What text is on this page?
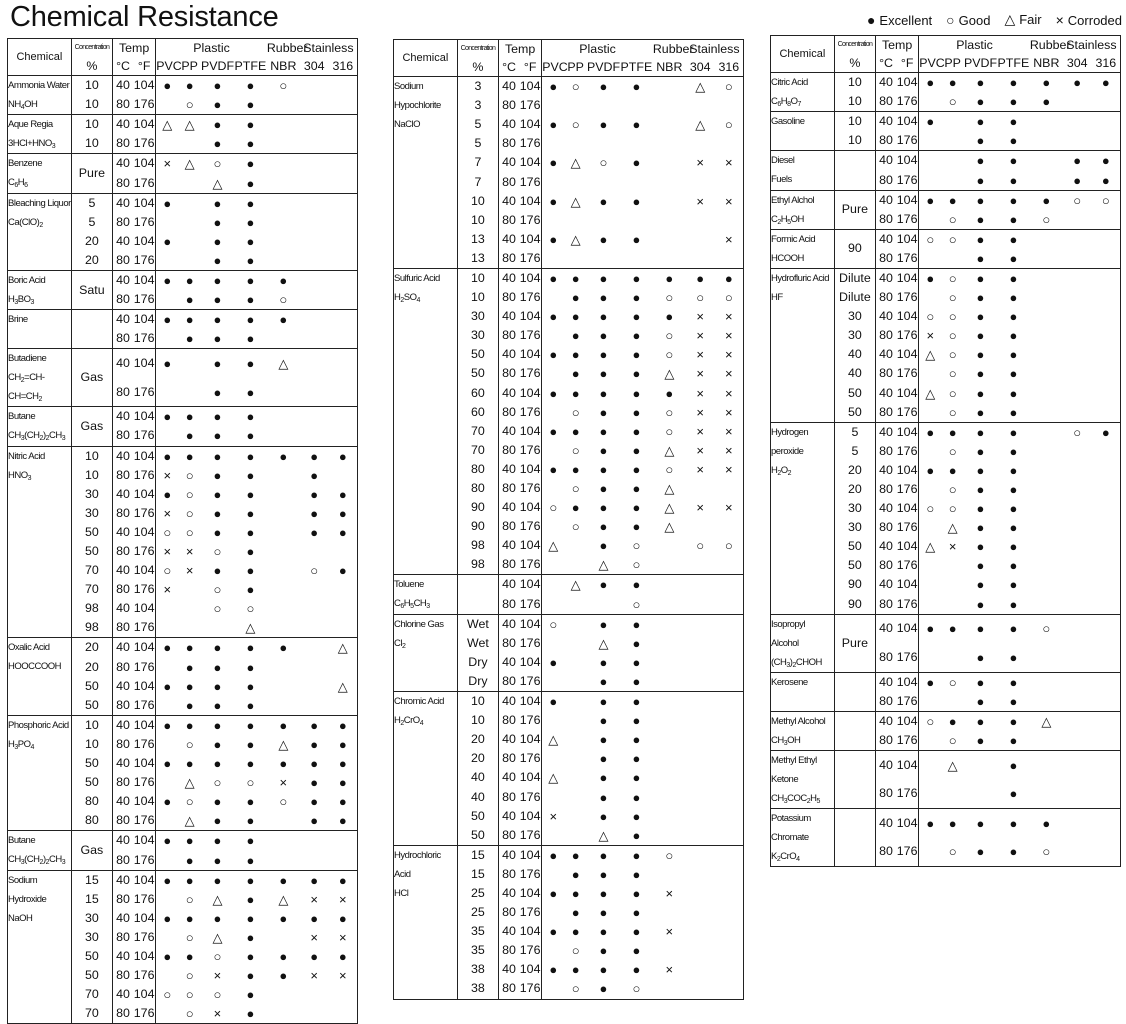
Chemical Resistance	● Excellent ○ Good △ Fair × Corroded
Chemical	Concentration	Temp		Plastic				Rubber	Stainless	
	%	°C	°F	PVC	PP	PVDF	PTFE	NBR	304	316
Ammonia Water
$NH_4OH$	10	40	104	●	●	●	●	○		
	10	80	176		○	●	●			
Aque Regia
$3HCl+HNO_3$	10	40	104	△	△	●	●			
	10	80	176			●	●			
Benzene
$C_6H_6$	Pure	40	104	×	△	○	●			
		80	176			△	●			
Bleaching Liquor
$Ca(ClO)_2$	5	40	104	●		●	●			
	5	80	176			●	●			
	20	40	104	●		●	●			
	20	80	176			●	●			
Boric Acid
$H_3BO_3$	Satu	40	104	●	●	●	●	●		
		80	176		●	●	●	○		
Brine		40	104	●	●	●	●	●		
		80	176		●	●	●			
Butadiene
$CH_2=CH-CH=CH_2$	Gas	40	104	●		●	●	△		
		80	176			●	●			
Butane
$CH_3(CH_2)_2CH_3$	Gas	40	104	●	●	●	●			
		80	176		●	●	●			
Nitric Acid
$HNO_3$	10	40	104	●	●	●	●	●	●	●
	10	80	176	×	○	●	●		●	
	30	40	104	●	○	●	●		●	●
	30	80	176	×	○	●	●		●	●
	50	40	104	○	○	●	●		●	●
	50	80	176	×	×	○	●			
	70	40	104	○	×	●	●		○	●
	70	80	176	×		○	●			
	98	40	104			○	○			
	98	80	176				△			
Oxalic Acid
HOOCCOOH	20	40	104	●	●	●	●	●		△
	20	80	176		●	●	●			
	50	40	104	●	●	●	●			△
	50	80	176		●	●	●			
Phosphoric Acid
$H_3PO_4$	10	40	104	●	●	●	●	●	●	●
	10	80	176		○	●	●	△	●	●
	50	40	104	●	●	●	●	●	●	●
	50	80	176		△	○	○	×	●	●
	80	40	104	●	○	●	●	○	●	●
	80	80	176		△	●	●		●	●
Butane
$CH_3(CH_2)_2CH_3$	Gas	40	104	●	●	●	●			
		80	176		●	●	●			
Sodium Hydroxide
NaOH	15	40	104	●	●	●	●	●	●	●
	15	80	176		○	△	●	△	×	×
	30	40	104	●	●	●	●	●	●	●
	30	80	176		○	△	●		×	×
	50	40	104	●	●	○	●	●	●	●
	50	80	176		○	×	●	●	×	×
	70	40	104	○	○	○	●			
	70	80	176		○	×	●			
Chemical	Concentration	Temp		Plastic				Rubber	Stainless	
	%	°C	°F	PVC	PP	PVDF	PTFE	NBR	304	316
Sodium Hypochlorite
NaClO	3	40	104	●	○	●	●		△	○
	3	80	176							
	5	40	104	●	○	●	●		△	○
	5	80	176							
	7	40	104	●	△	○	●		×	×
	7	80	176							
	10	40	104	●	△	●	●		×	×
	10	80	176							
	13	40	104	●	△	●	●			×
	13	80	176							
Sulfuric Acid
$H_2SO_4$	10	40	104	●	●	●	●	●	●	●
	10	80	176		●	●	●	○	○	○
	30	40	104	●	●	●	●	●	×	×
	30	80	176		●	●	●	○	×	×
	50	40	104	●	●	●	●	○	×	×
	50	80	176		●	●	●	△	×	×
	60	40	104	●	●	●	●	●	×	×
	60	80	176		○	●	●	○	×	×
	70	40	104	●	●	●	●	○	×	×
	70	80	176		○	●	●	△	×	×
	80	40	104	●	●	●	●	○	×	×
	80	80	176		○	●	●	△		
	90	40	104	○	●	●	●	△	×	×
	90	80	176		○	●	●	△		
	98	40	104	△		●	○		○	○
	98	80	176			△	○			
Toluene
$C_6H_5CH_3$		40	104		△	●	●			
		80	176				○			
Chlorine Gas
$Cl_2$	Wet	40	104	○		●	●			
	Wet	80	176			△	●			
	Dry	40	104	●		●	●			
	Dry	80	176			●	●			
Chromic Acid
$H_2CrO_4$	10	40	104	●		●	●			
	10	80	176			●	●			
	20	40	104	△		●	●			
	20	80	176			●	●			
	40	40	104	△		●	●			
	40	80	176			●	●			
	50	40	104	×		●	●			
	50	80	176			△	●			
Hydrochloric Acid
HCl	15	40	104	●	●	●	●	○		
	15	80	176		●	●	●			
	25	40	104	●	●	●	●	×		
	25	80	176		●	●	●			
	35	40	104	●	●	●	●	×		
	35	80	176		○	●	●			
	38	40	104	●	●	●	●	×		
	38	80	176		○	●	○			
Chemical	Concentration	Temp		Plastic				Rubber	Stainless	
	%	°C	°F	PVC	PP	PVDF	PTFE	NBR	304	316
Citric Acid
$C_6H_8O_7$	10	40	104	●	●	●	●	●	●	●
	10	80	176		○	●	●	●		
Gasoline	10	40	104	●		●	●			
	10	80	176			●	●			
Diesel
Fuels		40	104			●	●		●	●
		80	176			●	●		●	●
Ethyl Alchol
$C_2H_5OH$	Pure	40	104	●	●	●	●	●	○	○
		80	176		○	●	●	○		
Formic Acid
HCOOH	90	40	104	○	○	●	●			
		80	176			●	●			
Hydrofluric Acid
HF	Dilute	40	104	●	○	●	●			
	Dilute	80	176		○	●	●			
	30	40	104	○	○	●	●			
	30	80	176	×	○	●	●			
	40	40	104	△	○	●	●			
	40	80	176		○	●	●			
	50	40	104	△	○	●	●			
	50	80	176		○	●	●			
Hydrogen peroxide
$H_2O_2$	5	40	104	●	●	●	●		○	●
	5	80	176		○	●	●			
	20	40	104	●	●	●	●			
	20	80	176		○	●	●			
	30	40	104	○	○	●	●			
	30	80	176		△	●	●			
	50	40	104	△	×	●	●			
	50	80	176			●	●			
	90	40	104			●	●			
	90	80	176			●	●			
Isopropyl Alcohol
$(CH_3)_2CHOH$	Pure	40	104	●	●	●	●	○		
		80	176			●	●			
Kerosene		40	104	●	○	●	●			
		80	176			●	●			
Methyl Alcohol
$CH_3OH$		40	104	○	●	●	●	△		
		80	176		○	●	●			
Methyl Ethyl Ketone
$CH_3COC_2H_5$		40	104		△		●			
		80	176				●			
Potassium Chromate
$K_2CrO_4$		40	104	●	●	●	●	●		
		80	176		○	●	●	○		
